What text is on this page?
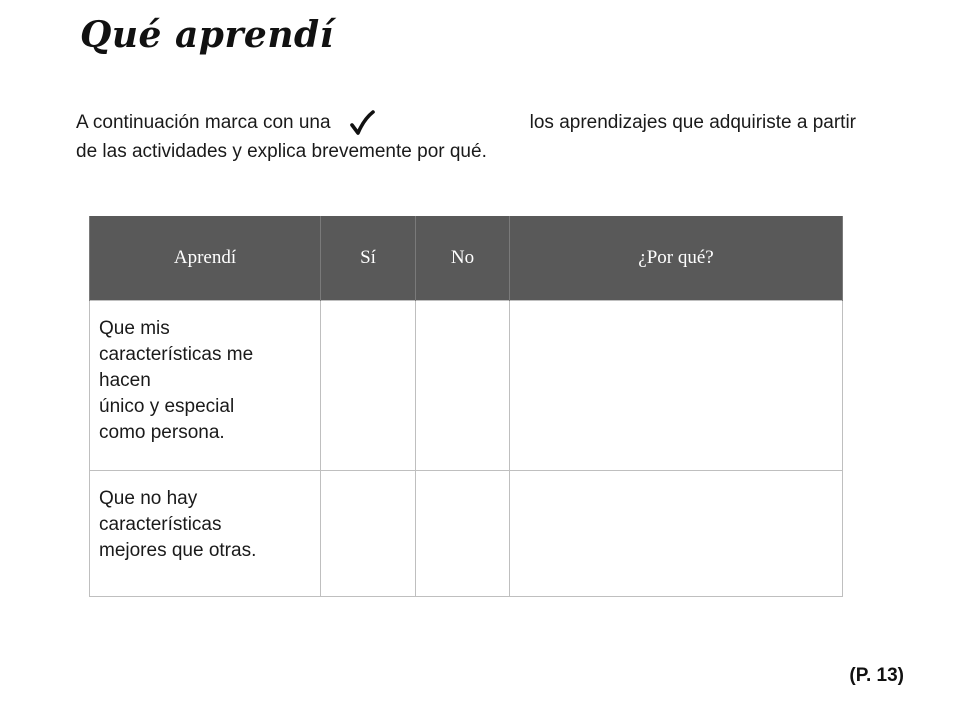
Qué aprendí
A continuación marca con una	los aprendizajes que adquiriste a partir
de las actividades y explica brevemente por qué.
Aprendí	Sí	No	¿Por qué?

Que mis
características me
hacen
único y especial
como persona.			

Que no hay
características
mejores que otras.			

(P. 13)
